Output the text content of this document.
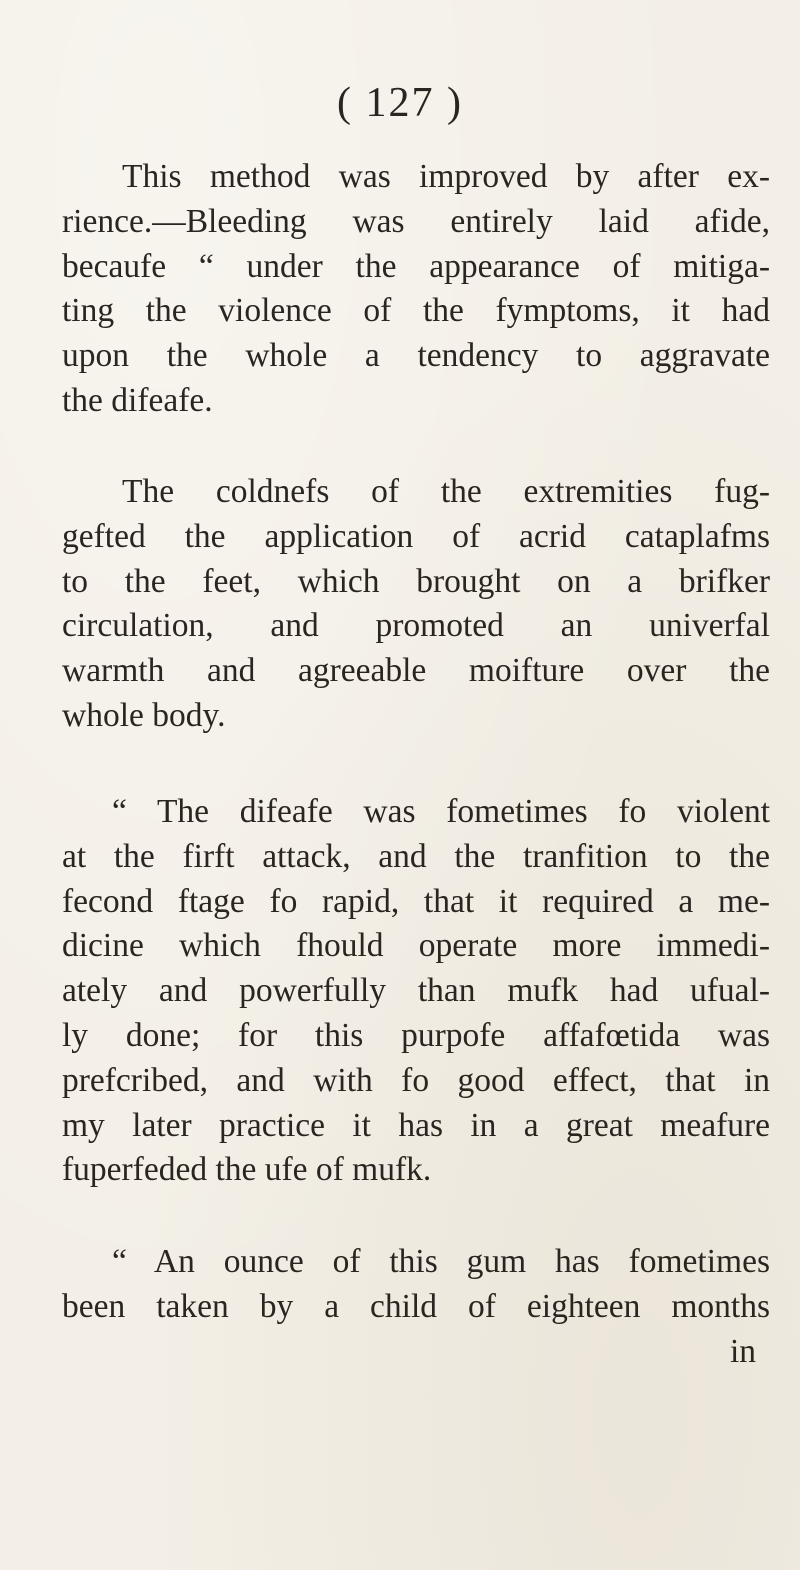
( 127 )
This method was improved by after ex-
rience.—Bleeding was entirely laid afide,
becaufe “ under the appearance of mitiga-
ting the violence of the fymptoms, it had
upon the whole a tendency to aggravate
the difeafe.
The coldnefs of the extremities fug-
gefted the application of acrid cataplafms
to the feet, which brought on a brifker
circulation, and promoted an univerfal
warmth and agreeable moifture over the
whole body.
“ The difeafe was fometimes fo violent
at the firft attack, and the tranfition to the
fecond ftage fo rapid, that it required a me-
dicine which fhould operate more immedi-
ately and powerfully than mufk had ufual-
ly done; for this purpofe affafœtida was
prefcribed, and with fo good effect, that in
my later practice it has in a great meafure
fuperfeded the ufe of mufk.
“ An ounce of this gum has fometimes
been taken by a child of eighteen months
in
